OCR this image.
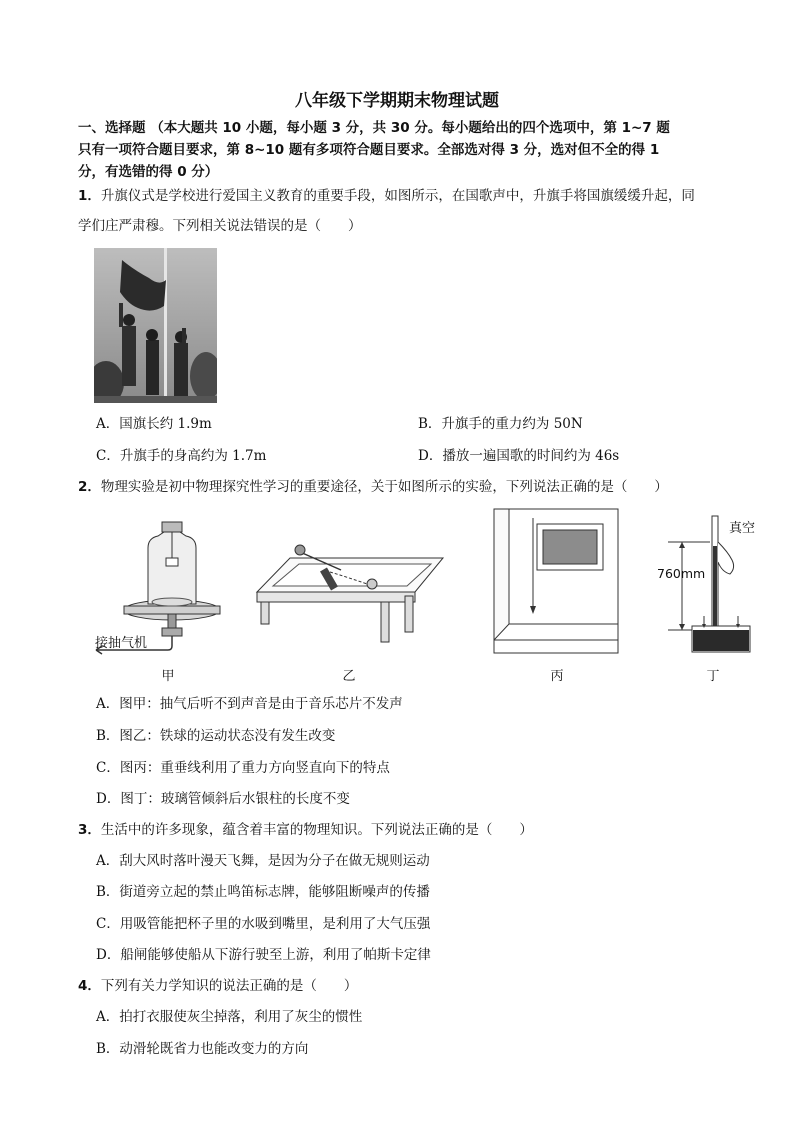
八年级下学期期末物理试题
一、选择题 （本大题共 10 小题，每小题 3 分，共 30 分。每小题给出的四个选项中，第 1~7 题
只有一项符合题目要求，第 8~10 题有多项符合题目要求。全部选对得 3 分，选对但不全的得 1
分，有选错的得 0 分）
1．升旗仪式是学校进行爱国主义教育的重要手段，如图所示，在国歌声中，升旗手将国旗缓缓升起，同
学们庄严肃穆。下列相关说法错误的是（　　）
A．国旗长约 1.9m	B．升旗手的重力约为 50N
C．升旗手的身高约为 1.7m	D．播放一遍国歌的时间约为 46s
2．物理实验是初中物理探究性学习的重要途径，关于如图所示的实验，下列说法正确的是（　　）
接抽气机
真空
760mm
甲	乙	丙	丁
A．图甲：抽气后听不到声音是由于音乐芯片不发声
B．图乙：铁球的运动状态没有发生改变
C．图丙：重垂线利用了重力方向竖直向下的特点
D．图丁：玻璃管倾斜后水银柱的长度不变
3．生活中的许多现象，蕴含着丰富的物理知识。下列说法正确的是（　　）
A．刮大风时落叶漫天飞舞，是因为分子在做无规则运动
B．街道旁立起的禁止鸣笛标志牌，能够阻断噪声的传播
C．用吸管能把杯子里的水吸到嘴里，是利用了大气压强
D．船闸能够使船从下游行驶至上游，利用了帕斯卡定律
4．下列有关力学知识的说法正确的是（　　）
A．拍打衣服使灰尘掉落，利用了灰尘的惯性
B．动滑轮既省力也能改变力的方向
